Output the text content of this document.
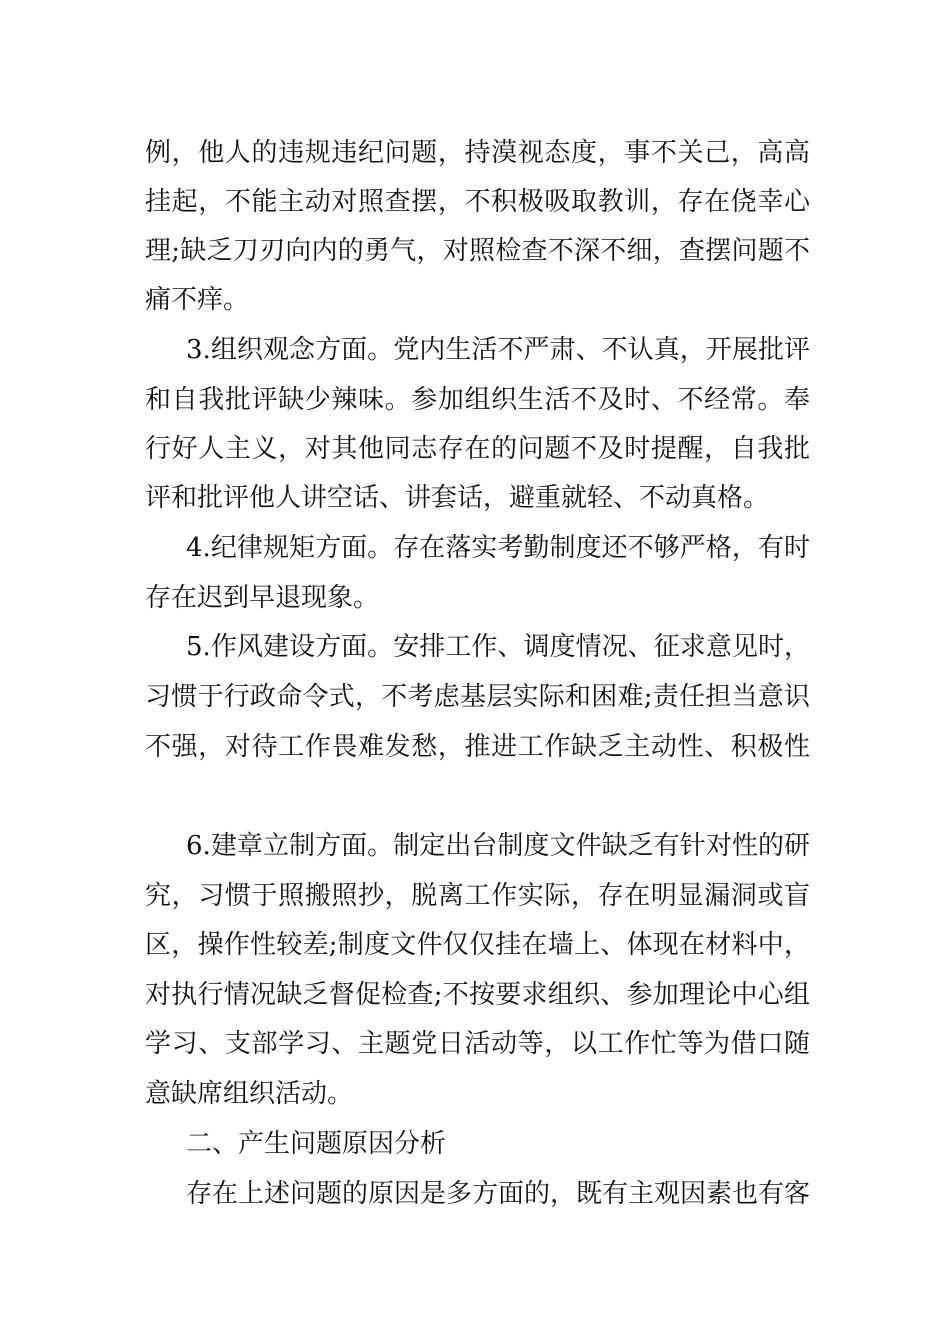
例，他人的违规违纪问题，持漠视态度，事不关己，高高
挂起，不能主动对照查摆，不积极吸取教训，存在侥幸心
理;缺乏刀刃向内的勇气，对照检查不深不细，查摆问题不
痛不痒。
3.组织观念方面。党内生活不严肃、不认真，开展批评
和自我批评缺少辣味。参加组织生活不及时、不经常。奉
行好人主义，对其他同志存在的问题不及时提醒，自我批
评和批评他人讲空话、讲套话，避重就轻、不动真格。
4.纪律规矩方面。存在落实考勤制度还不够严格，有时
存在迟到早退现象。
5.作风建设方面。安排工作、调度情况、征求意见时，
习惯于行政命令式，不考虑基层实际和困难;责任担当意识
不强，对待工作畏难发愁，推进工作缺乏主动性、积极性
6.建章立制方面。制定出台制度文件缺乏有针对性的研
究，习惯于照搬照抄，脱离工作实际，存在明显漏洞或盲
区，操作性较差;制度文件仅仅挂在墙上、体现在材料中，
对执行情况缺乏督促检查;不按要求组织、参加理论中心组
学习、支部学习、主题党日活动等，以工作忙等为借口随
意缺席组织活动。
二、产生问题原因分析
存在上述问题的原因是多方面的，既有主观因素也有客
